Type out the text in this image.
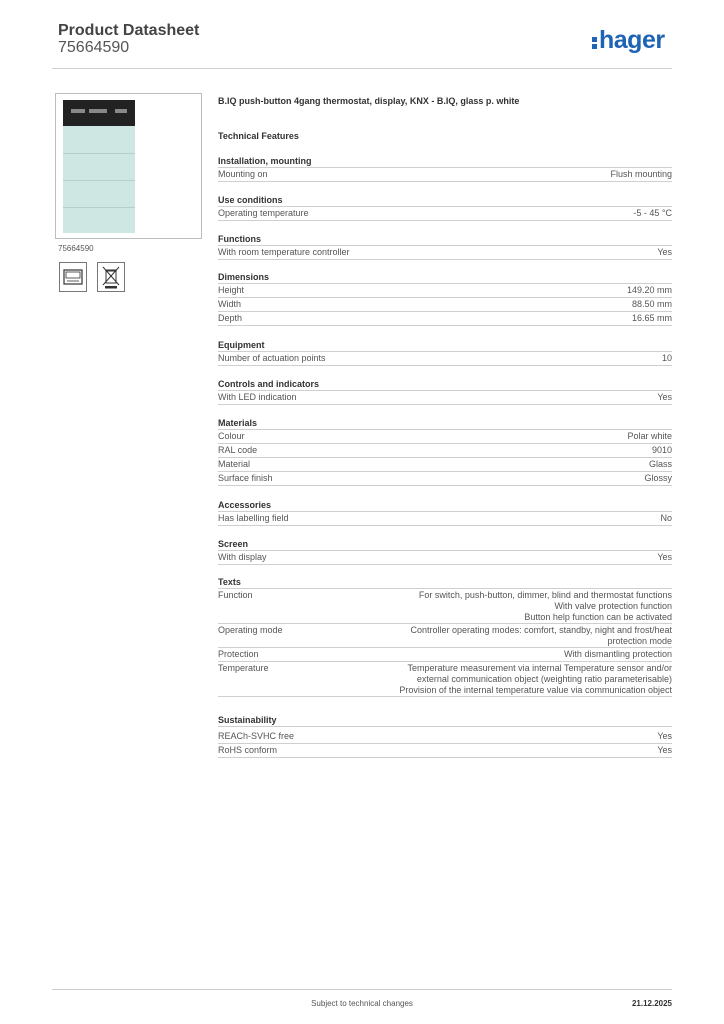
Product Datasheet
75664590	hager
75664590
B.IQ push-button 4gang thermostat, display, KNX - B.IQ, glass p. white
Technical Features
Installation, mounting
Mounting on	Flush mounting
Use conditions
Operating temperature	-5 - 45 °C
Functions
With room temperature controller	Yes
Dimensions
Height	149.20 mm
Width	88.50 mm
Depth	16.65 mm
Equipment
Number of actuation points	10
Controls and indicators
With LED indication	Yes
Materials
Colour	Polar white
RAL code	9010
Material	Glass
Surface finish	Glossy
Accessories
Has labelling field	No
Screen
With display	Yes
Texts
Function	For switch, push-button, dimmer, blind and thermostat functions
With valve protection function
Button help function can be activated
Operating mode	Controller operating modes: comfort, standby, night and frost/heat
protection mode
Protection	With dismantling protection
Temperature	Temperature measurement via internal Temperature sensor and/or
external communication object (weighting ratio parameterisable)
Provision of the internal temperature value via communication object
Sustainability
REACh-SVHC free	Yes
RoHS conform	Yes
Subject to technical changes	21.12.2025
